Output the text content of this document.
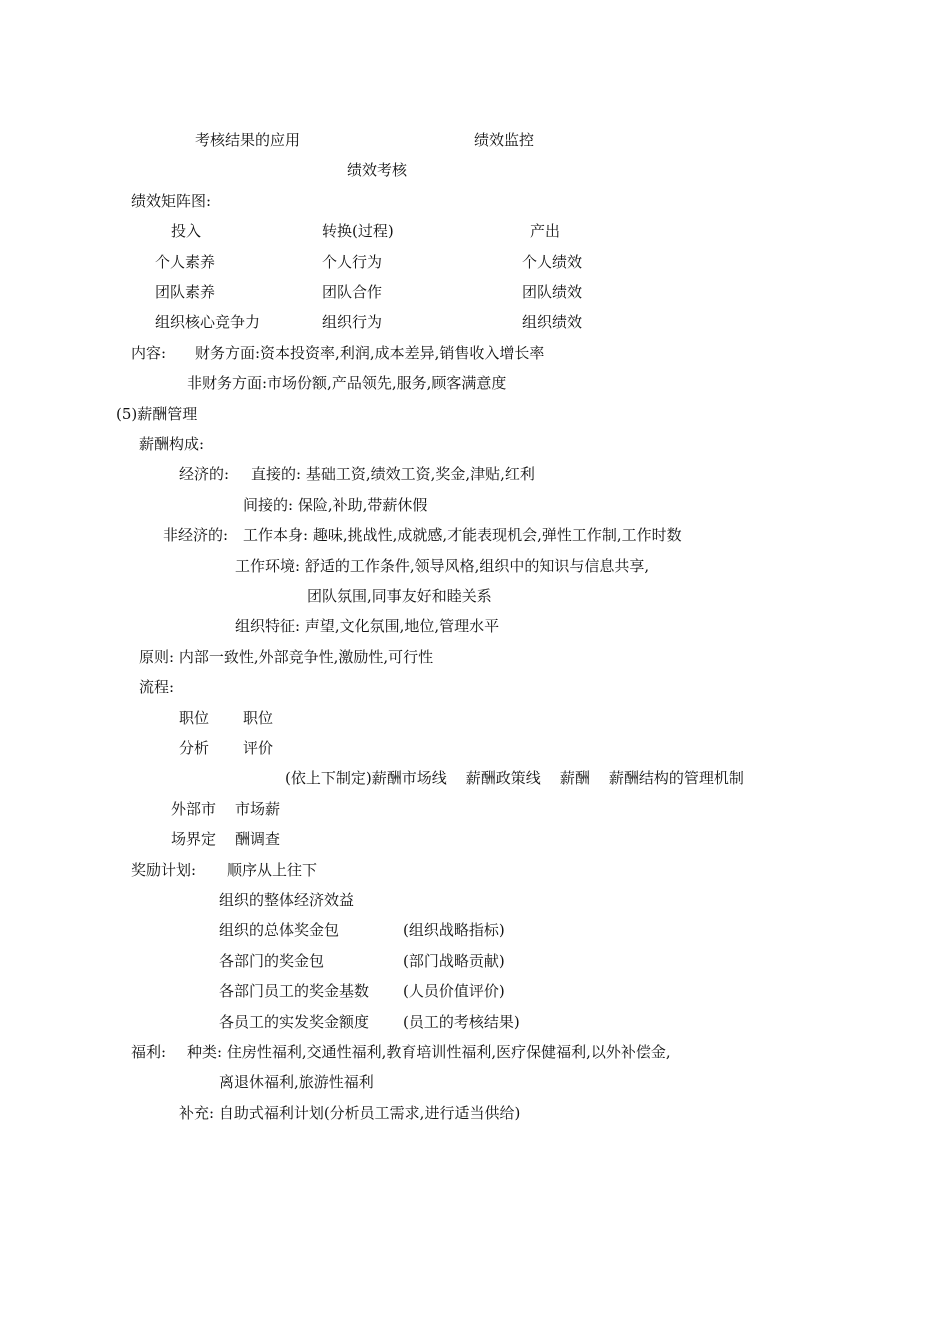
考核结果的应用	绩效监控
绩效考核
绩效矩阵图:
投入	转换(过程)	产出
个人素养	个人行为	个人绩效
团队素养	团队合作	团队绩效
组织核心竞争力	组织行为	组织绩效
内容: 财务方面:资本投资率,利润,成本差异,销售收入增长率
非财务方面:市场份额,产品领先,服务,顾客满意度
(5)薪酬管理
薪酬构成:
经济的: 直接的: 基础工资,绩效工资,奖金,津贴,红利
间接的: 保险,补助,带薪休假
非经济的: 工作本身: 趣味,挑战性,成就感,才能表现机会,弹性工作制,工作时数
工作环境: 舒适的工作条件,领导风格,组织中的知识与信息共享,
团队氛围,同事友好和睦关系
组织特征: 声望,文化氛围,地位,管理水平
原则: 内部一致性,外部竞争性,激励性,可行性
流程:
职位 职位
分析 评价
(依上下制定)薪酬市场线    薪酬政策线    薪酬    薪酬结构的管理机制
外部市 市场薪
场界定 酬调查
奖励计划: 顺序从上往下
组织的整体经济效益
组织的总体奖金包	(组织战略指标)
各部门的奖金包	(部门战略贡献)
各部门员工的奖金基数 (人员价值评价)
各员工的实发奖金额度 (员工的考核结果)
福利: 种类: 住房性福利,交通性福利,教育培训性福利,医疗保健福利,以外补偿金,
离退休福利,旅游性福利
补充: 自助式福利计划(分析员工需求,进行适当供给)
